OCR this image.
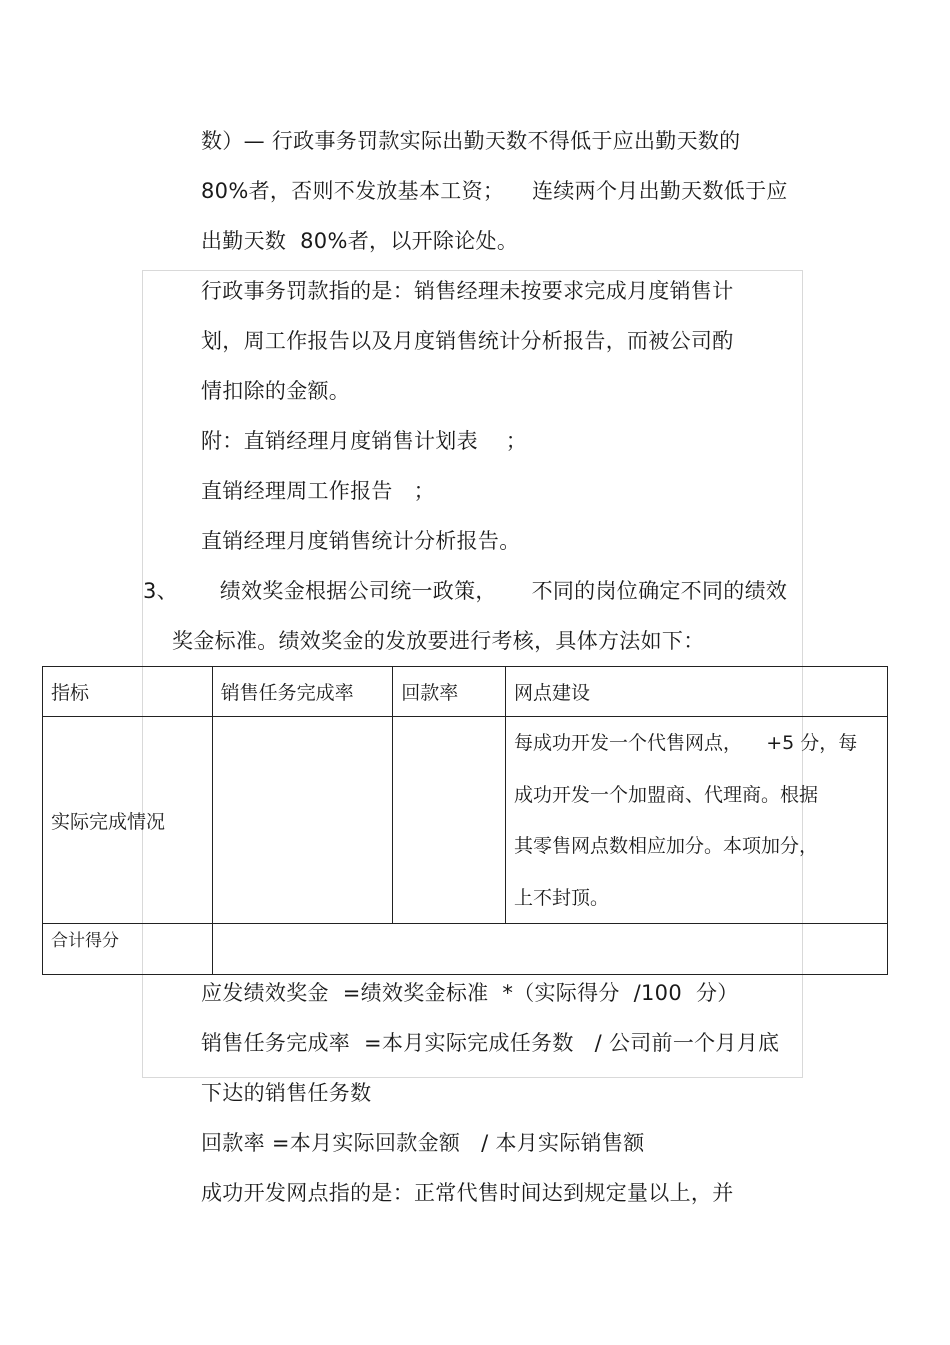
数）— 行政事务罚款实际出勤天数不得低于应出勤天数的
80%者，否则不发放基本工资；    连续两个月出勤天数低于应
出勤天数  80%者，以开除论处。
行政事务罚款指的是：销售经理未按要求完成月度销售计
划，周工作报告以及月度销售统计分析报告，而被公司酌
情扣除的金额。
附：直销经理月度销售计划表    ；
直销经理周工作报告   ；
直销经理月度销售统计分析报告。
3、      绩效奖金根据公司统一政策，     不同的岗位确定不同的绩效
奖金标准。绩效奖金的发放要进行考核，具体方法如下：
指标	销售任务完成率	回款率	网点建设
实际完成情况			每成功开发一个代售网点，    +5 分，每
成功开发一个加盟商、代理商。根据
其零售网点数相应加分。本项加分，
上不封顶。

合计得分			
应发绩效奖金  =绩效奖金标准  *（实际得分  /100  分）
销售任务完成率  =本月实际完成任务数   / 公司前一个月月底
下达的销售任务数
回款率 =本月实际回款金额   / 本月实际销售额
成功开发网点指的是：正常代售时间达到规定量以上，并
